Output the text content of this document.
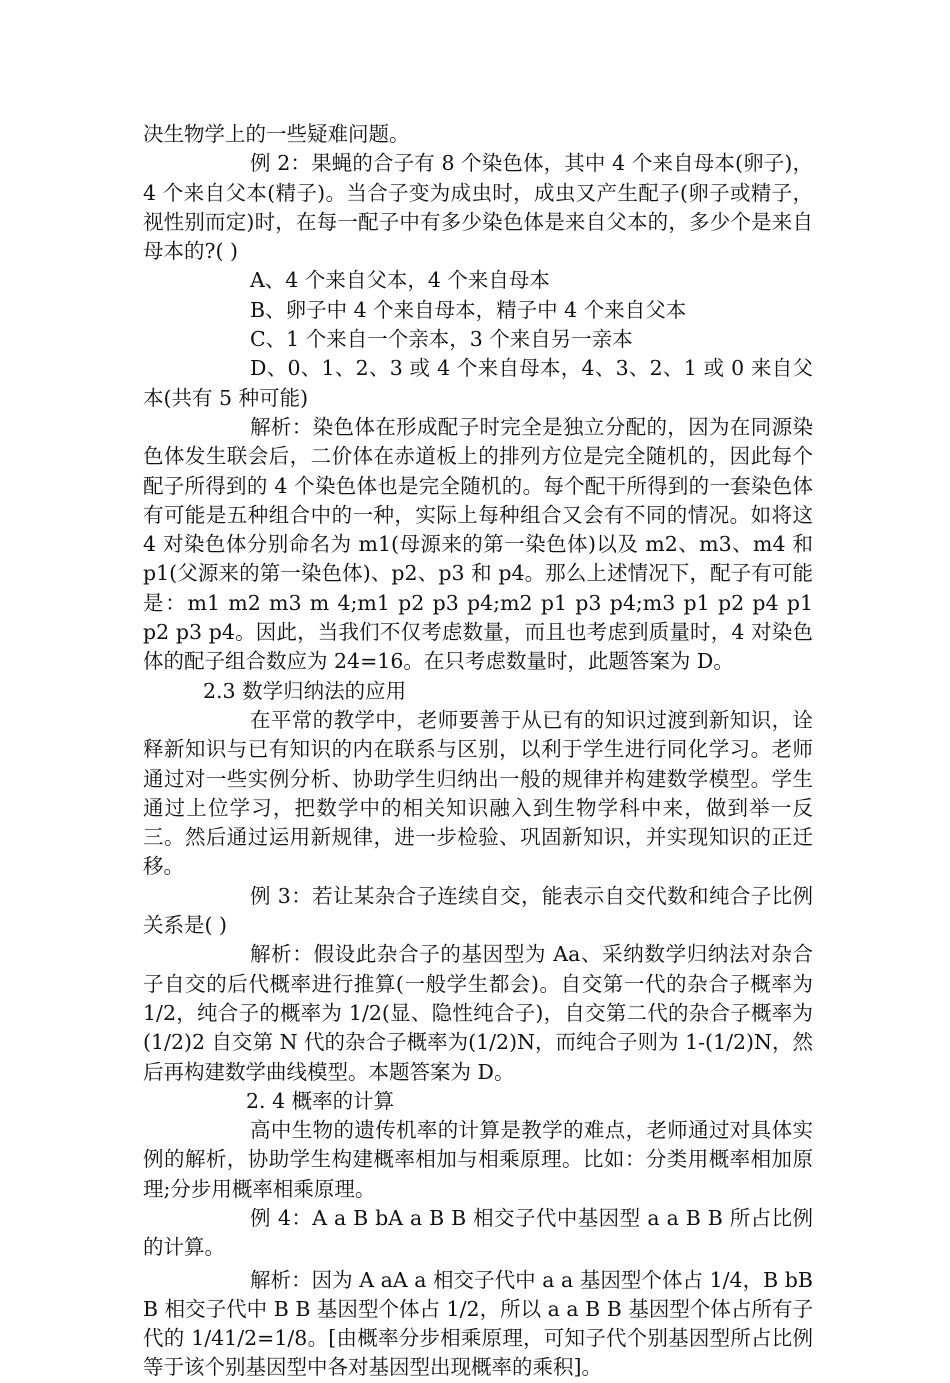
决生物学上的一些疑难问题。

例 2：果蝇的合子有 8 个染色体，其中 4 个来自母本(卵子)，4 个来自父本(精子)。当合子变为成虫时，成虫又产生配子(卵子或精子，视性别而定)时，在每一配子中有多少染色体是来自父本的，多少个是来自母本的?( )

A、4 个来自父本，4 个来自母本

B、卵子中 4 个来自母本，精子中 4 个来自父本

C、1 个来自一个亲本，3 个来自另一亲本

D、0、1、2、3 或 4 个来自母本，4、3、2、1 或 0 来自父本(共有 5 种可能)

解析：染色体在形成配子时完全是独立分配的，因为在同源染色体发生联会后，二价体在赤道板上的排列方位是完全随机的，因此每个配子所得到的 4 个染色体也是完全随机的。每个配干所得到的一套染色体有可能是五种组合中的一种，实际上每种组合又会有不同的情况。如将这 4 对染色体分别命名为 m1(母源来的第一染色体)以及 m2、m3、m4 和 p1(父源来的第一染色体)、p2、p3 和 p4。那么上述情况下，配子有可能是：m1 m2 m3 m 4;m1 p2 p3 p4;m2 p1 p3 p4;m3 p1 p2 p4 p1 p2 p3 p4。因此，当我们不仅考虑数量，而且也考虑到质量时，4 对染色体的配子组合数应为 24=16。在只考虑数量时，此题答案为 D。

2.3 数学归纳法的应用

在平常的教学中，老师要善于从已有的知识过渡到新知识，诠释新知识与已有知识的内在联系与区别，以利于学生进行同化学习。老师通过对一些实例分析、协助学生归纳出一般的规律并构建数学模型。学生通过上位学习，把数学中的相关知识融入到生物学科中来，做到举一反三。然后通过运用新规律，进一步检验、巩固新知识，并实现知识的正迁移。

例 3：若让某杂合子连续自交，能表示自交代数和纯合子比例关系是( )

解析：假设此杂合子的基因型为 Aa、采纳数学归纳法对杂合子自交的后代概率进行推算(一般学生都会)。自交第一代的杂合子概率为 1/2，纯合子的概率为 1/2(显、隐性纯合子)，自交第二代的杂合子概率为(1/2)2 自交第 N 代的杂合子概率为(1/2)N，而纯合子则为 1-(1/2)N，然后再构建数学曲线模型。本题答案为 D。

2. 4 概率的计算

高中生物的遗传机率的计算是教学的难点，老师通过对具体实例的解析，协助学生构建概率相加与相乘原理。比如：分类用概率相加原理;分步用概率相乘原理。

例 4：A a B bA a B B 相交子代中基因型 a a B B 所占比例的计算。

解析：因为 A aA a 相交子代中 a a 基因型个体占 1/4，B bB B 相交子代中 B B 基因型个体占 1/2，所以 a a B B 基因型个体占所有子代的 1/41/2=1/8。[由概率分步相乘原理，可知子代个别基因型所占比例等于该个别基因型中各对基因型出现概率的乘积]。
